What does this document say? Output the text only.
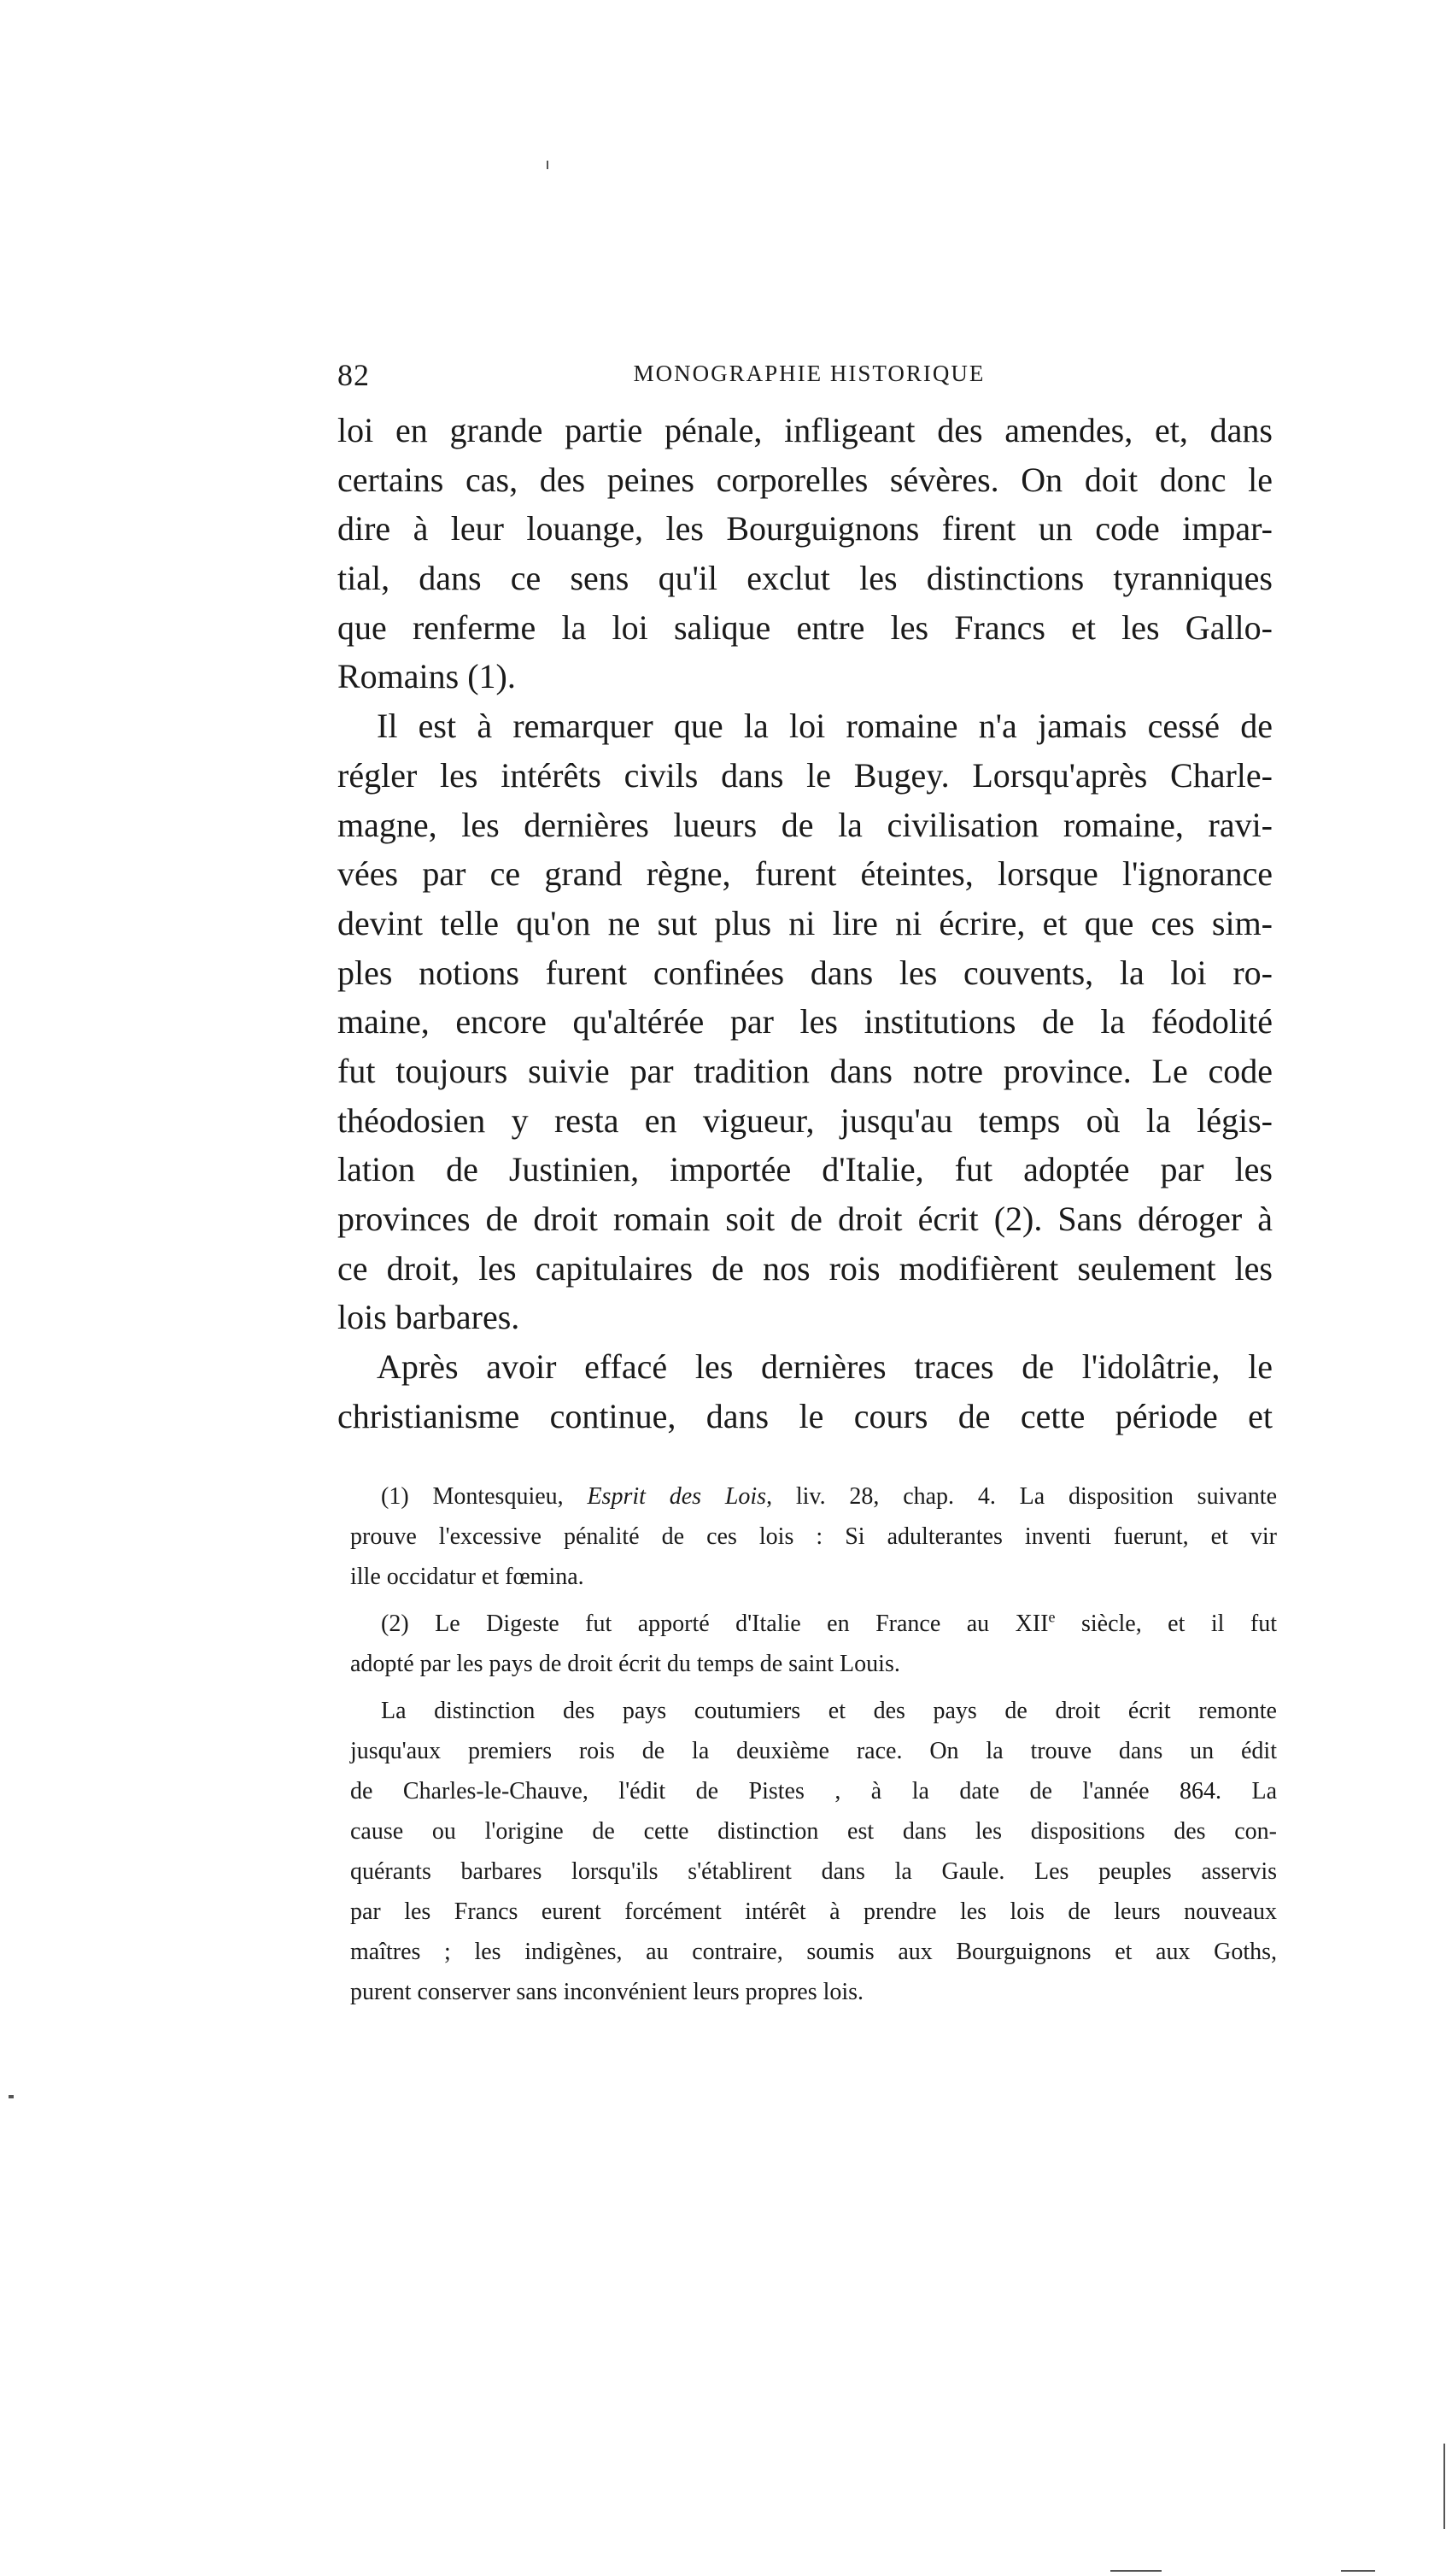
82	MONOGRAPHIE HISTORIQUE
loi en grande partie pénale, infligeant des amendes, et, dans
certains cas, des peines corporelles sévères. On doit donc le
dire à leur louange, les Bourguignons firent un code impar-
tial, dans ce sens qu'il exclut les distinctions tyranniques
que renferme la loi salique entre les Francs et les Gallo-
Romains (1).
Il est à remarquer que la loi romaine n'a jamais cessé de
régler les intérêts civils dans le Bugey. Lorsqu'après Charle-
magne, les dernières lueurs de la civilisation romaine, ravi-
vées par ce grand règne, furent éteintes, lorsque l'ignorance
devint telle qu'on ne sut plus ni lire ni écrire, et que ces sim-
ples notions furent confinées dans les couvents, la loi ro-
maine, encore qu'altérée par les institutions de la féodolité
fut toujours suivie par tradition dans notre province. Le code
théodosien y resta en vigueur, jusqu'au temps où la légis-
lation de Justinien, importée d'Italie, fut adoptée par les
provinces de droit romain soit de droit écrit (2). Sans déroger à
ce droit, les capitulaires de nos rois modifièrent seulement les
lois barbares.
Après avoir effacé les dernières traces de l'idolâtrie, le
christianisme continue, dans le cours de cette période et
(1) Montesquieu, Esprit des Lois, liv. 28, chap. 4. La disposition suivante
prouve l'excessive pénalité de ces lois : Si adulterantes inventi fuerunt, et vir
ille occidatur et fœmina.
(2) Le Digeste fut apporté d'Italie en France au XIIe siècle, et il fut
adopté par les pays de droit écrit du temps de saint Louis.
La distinction des pays coutumiers et des pays de droit écrit remonte
jusqu'aux premiers rois de la deuxième race. On la trouve dans un édit
de Charles-le-Chauve, l'édit de Pistes , à la date de l'année 864. La
cause ou l'origine de cette distinction est dans les dispositions des con-
quérants barbares lorsqu'ils s'établirent dans la Gaule. Les peuples asservis
par les Francs eurent forcément intérêt à prendre les lois de leurs nouveaux
maîtres ; les indigènes, au contraire, soumis aux Bourguignons et aux Goths,
purent conserver sans inconvénient leurs propres lois.
